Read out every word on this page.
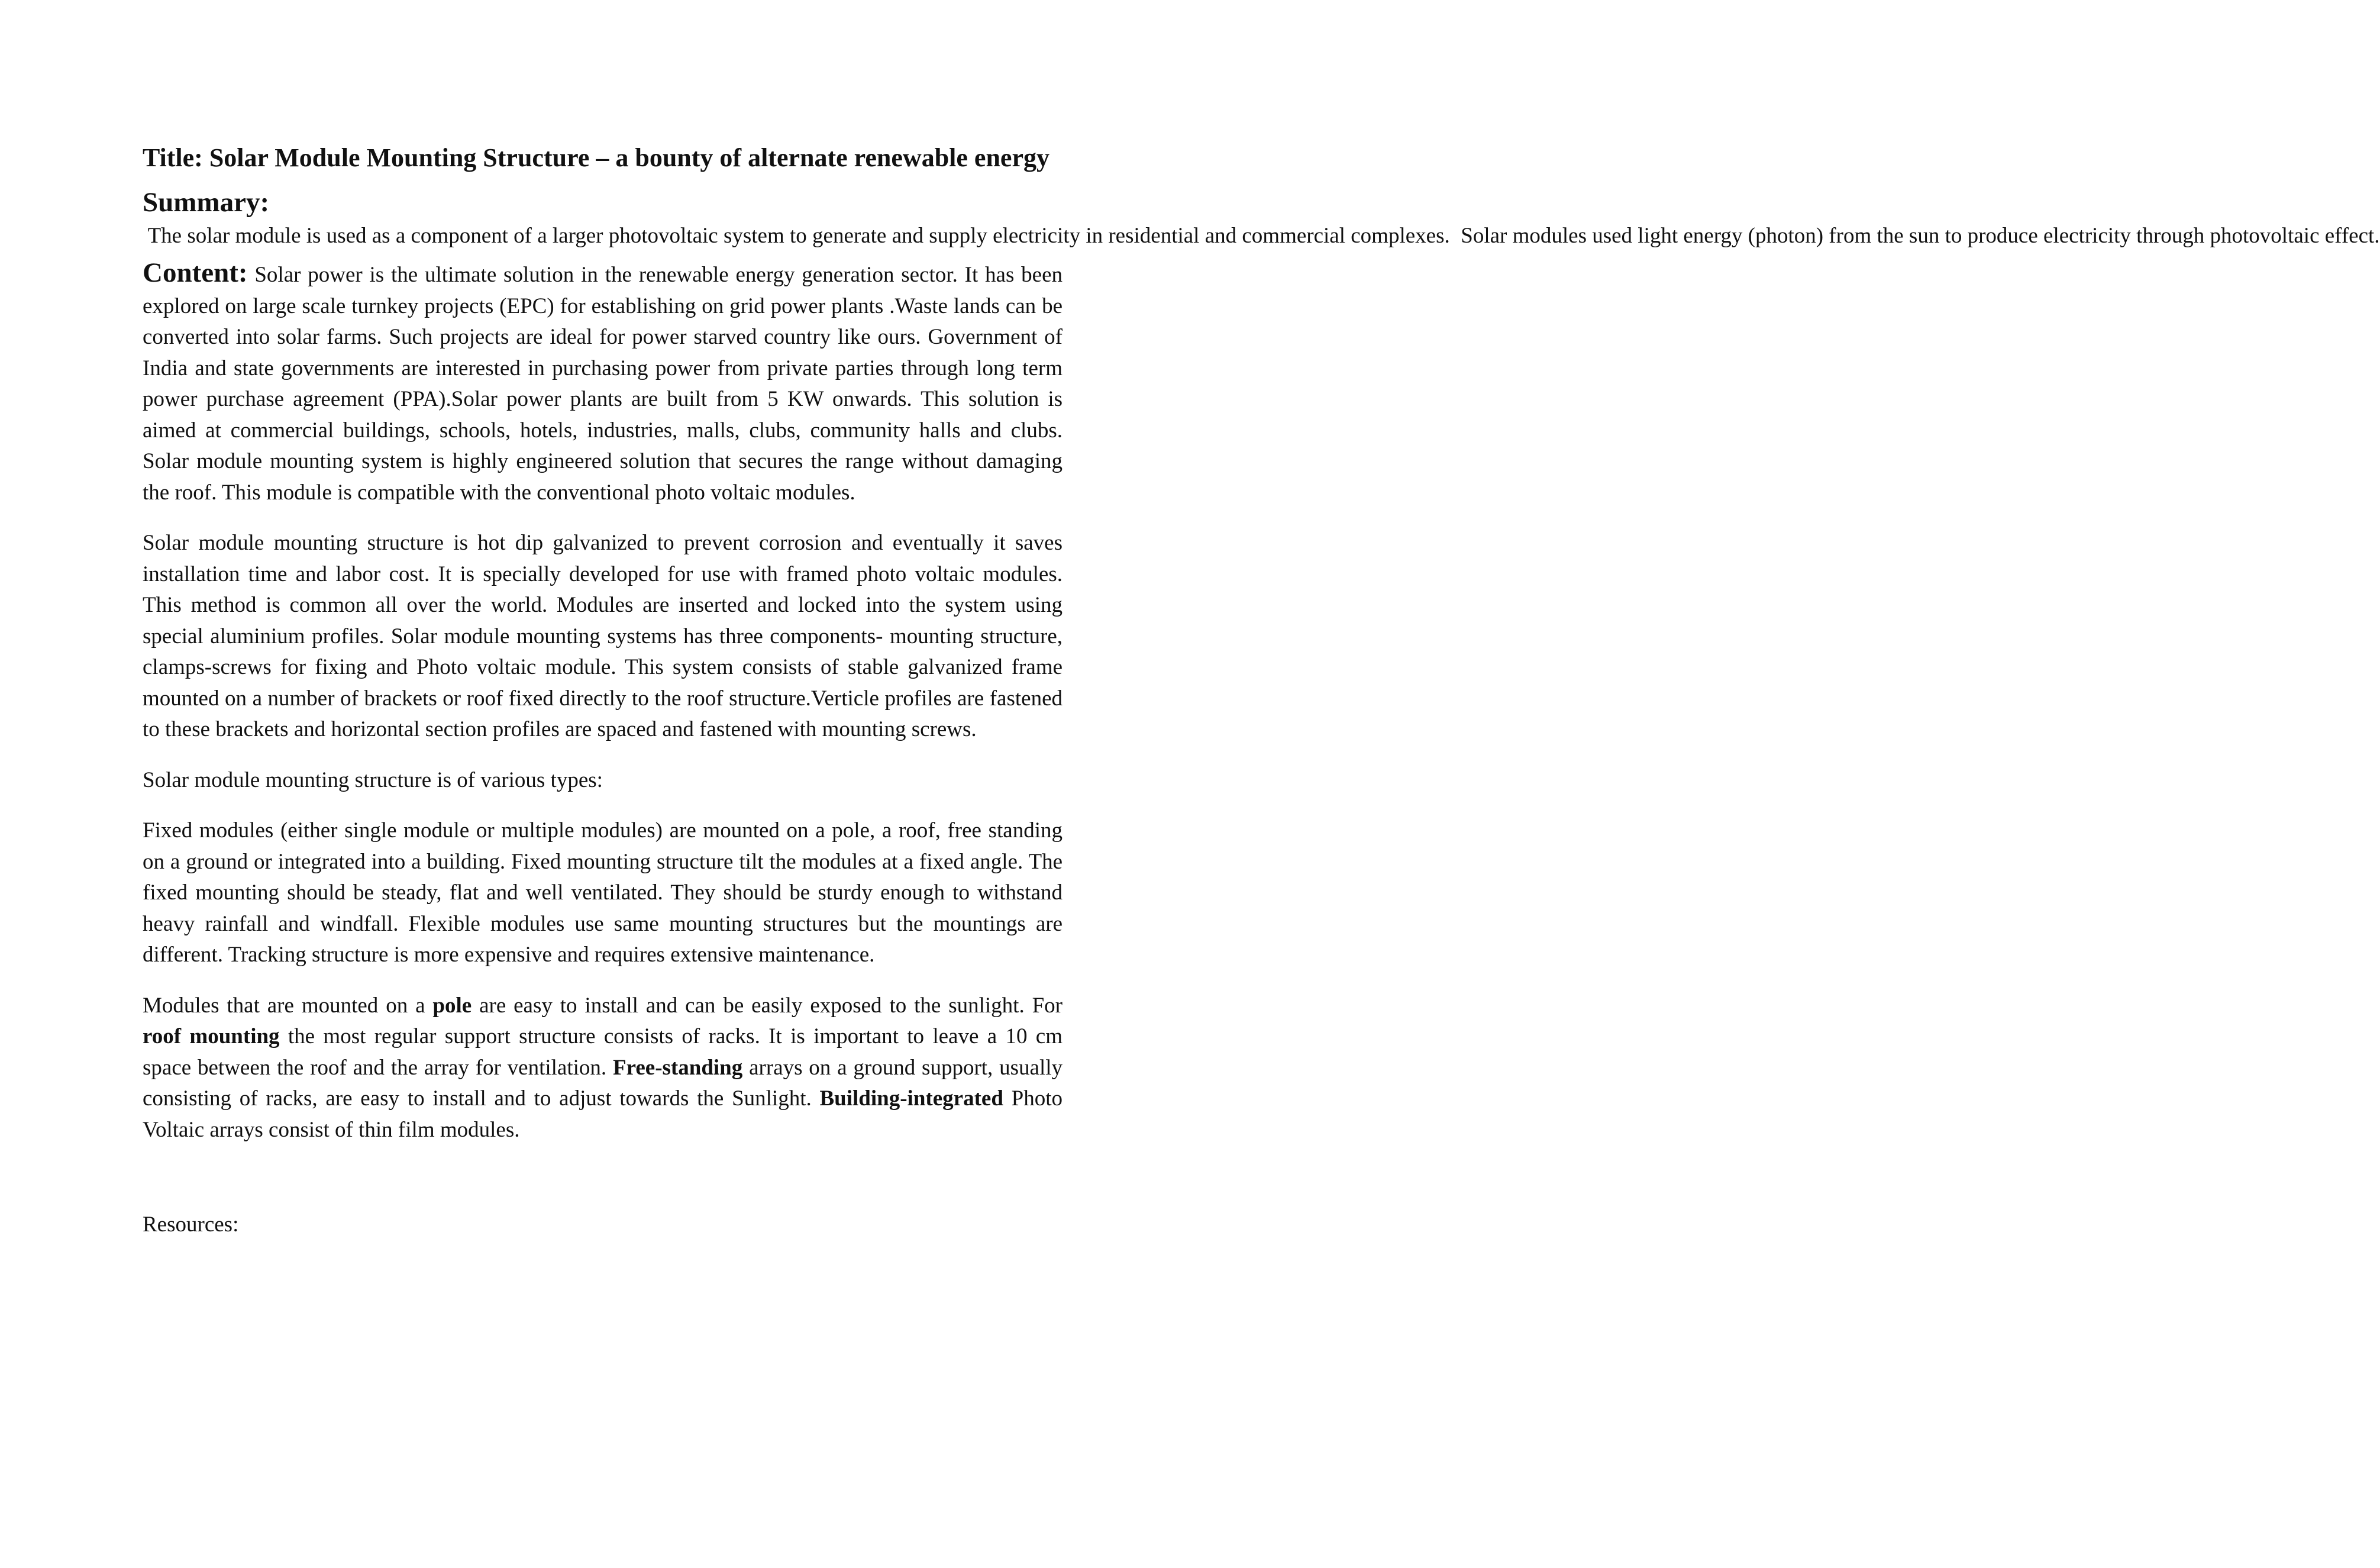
Title: Solar Module Mounting Structure – a bounty of alternate renewable energy

Summary: The solar module is used as a component of a larger photovoltaic system to generate and supply electricity in residential and commercial complexes.  Solar modules used light energy (photon) from the sun to produce electricity through photovoltaic effect.

Content: Solar power is the ultimate solution in the renewable energy generation sector. It has been explored on large scale turnkey projects (EPC) for establishing on grid power plants .Waste lands can be converted into solar farms. Such projects are ideal for power starved country like ours. Government of India and state governments are interested in purchasing power from private parties through long term power purchase agreement (PPA).Solar power plants are built from 5 KW onwards. This solution is aimed at commercial buildings, schools, hotels, industries, malls, clubs, community halls and clubs. Solar module mounting system is highly engineered solution that secures the range without damaging the roof. This module is compatible with the conventional photo voltaic modules.

Solar module mounting structure is hot dip galvanized to prevent corrosion and eventually it saves installation time and labor cost. It is specially developed for use with framed photo voltaic modules. This method is common all over the world. Modules are inserted and locked into the system using special aluminium profiles. Solar module mounting systems has three components- mounting structure, clamps-screws for fixing and Photo voltaic module. This system consists of stable galvanized frame mounted on a number of brackets or roof fixed directly to the roof structure.Verticle profiles are fastened to these brackets and horizontal section profiles are spaced and fastened with mounting screws.

Solar module mounting structure is of various types:

Fixed modules (either single module or multiple modules) are mounted on a pole, a roof, free standing on a ground or integrated into a building. Fixed mounting structure tilt the modules at a fixed angle. The fixed mounting should be steady, flat and well ventilated. They should be sturdy enough to withstand heavy rainfall and windfall. Flexible modules use same mounting structures but the mountings are different. Tracking structure is more expensive and requires extensive maintenance.

Modules that are mounted on a pole are easy to install and can be easily exposed to the sunlight. For roof mounting the most regular support structure consists of racks. It is important to leave a 10 cm space between the roof and the array for ventilation. Free-standing arrays on a ground support, usually consisting of racks, are easy to install and to adjust towards the Sunlight. Building-integrated Photo Voltaic arrays consist of thin film modules.

Resources:
